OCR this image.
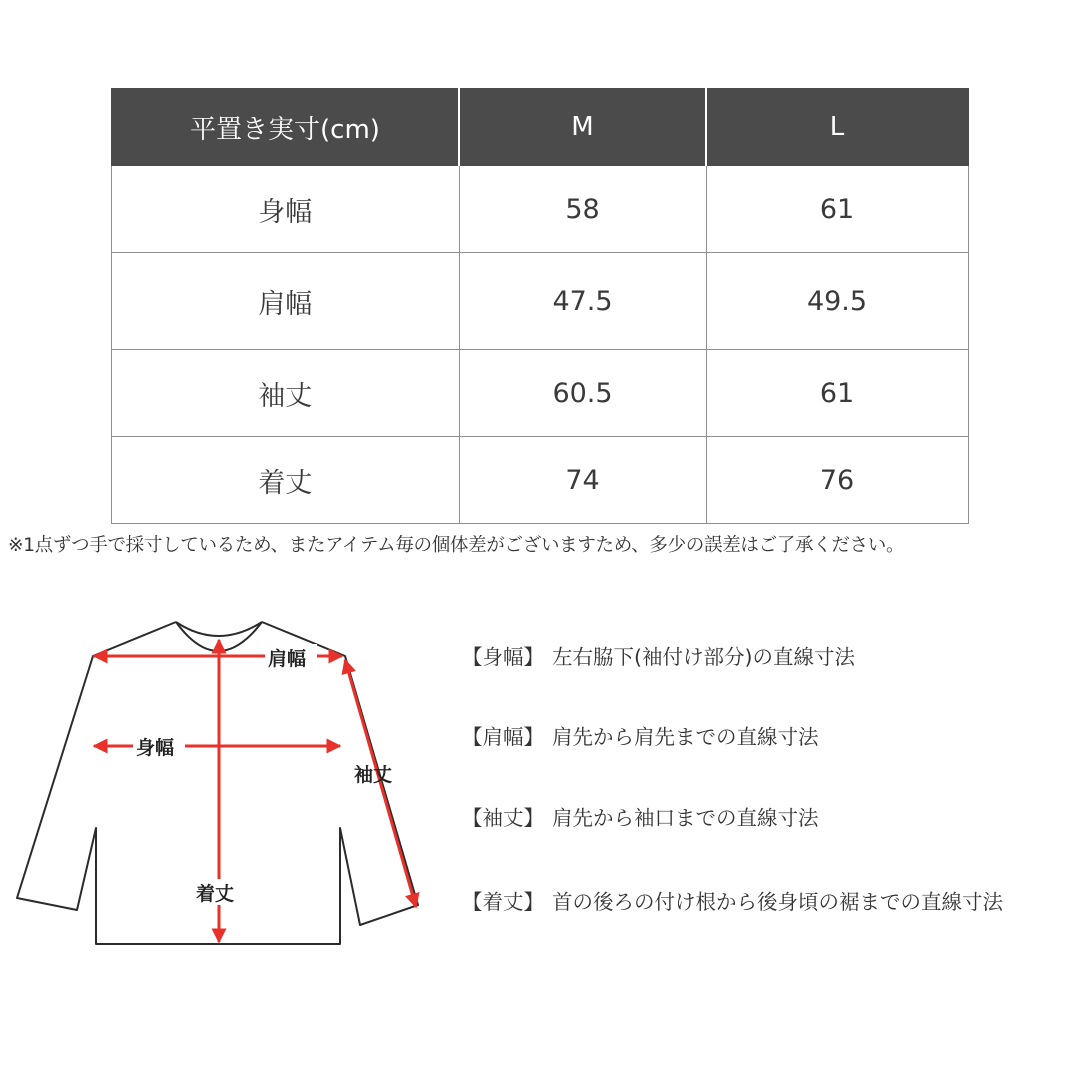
平置き実寸(cm)	M	L
身幅	58	61
肩幅	47.5	49.5
袖丈	60.5	61
着丈	74	76
※1点ずつ手で採寸しているため、またアイテム毎の個体差がございますため、多少の誤差はご了承ください。
肩幅
身幅
袖丈
着丈
【身幅】 左右脇下(袖付け部分)の直線寸法
【肩幅】 肩先から肩先までの直線寸法
【袖丈】 肩先から袖口までの直線寸法
【着丈】 首の後ろの付け根から後身頃の裾までの直線寸法
